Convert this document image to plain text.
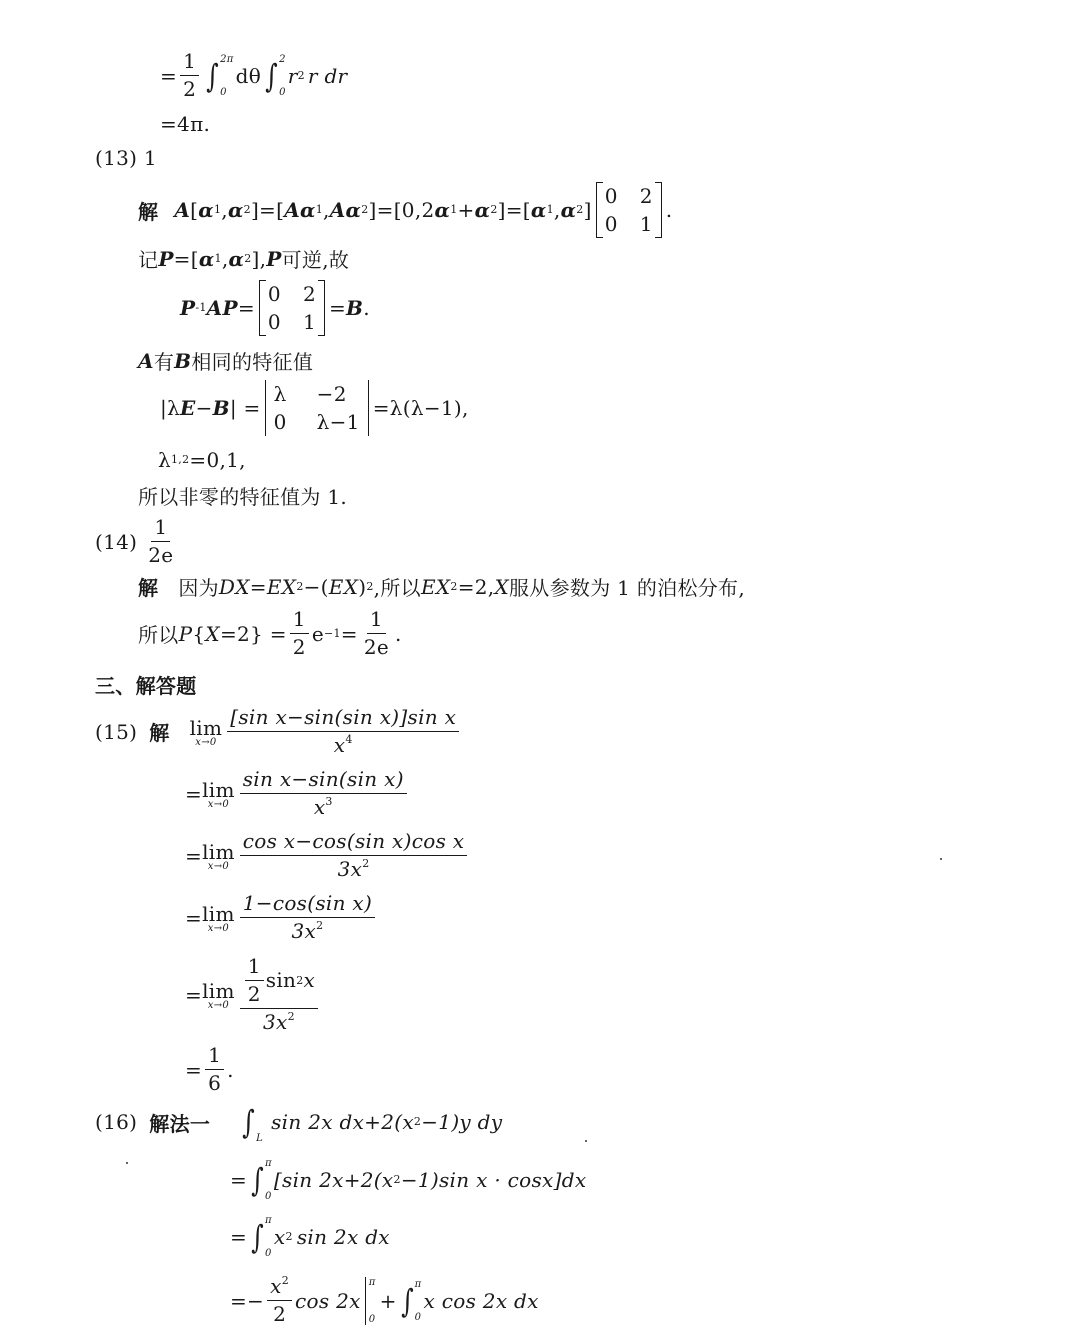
= $\frac{1}{2}$ ∫ 2π
0
dθ ∫ 2
0
r 2 r dr
=4π.
(13) 1
解 A [ α 1 , α 2 ]=[ Aα 1 , Aα 2 ]=[0,2 α 1 + α 2 ]=[ α 1 , α 2 ]
0 2
0 1
.
记 P =[ α 1 , α 2 ], P 可逆,故
P -1 AP =
0 2
0 1
= B .
A 有 B 相同的特征值
|λ E − B | =
λ −2
0 λ−1
=λ(λ−1),
λ 1,2 =0,1,
所以非零的特征值为 1.
$(14) \frac{1}{2e}$
解 因为 DX = EX 2 −( EX ) 2 ,所以 EX 2 =2, X 服从参数为 1 的泊松分布,
所以 P { $X =2\} = \frac{1}{2}$ $e -1 = \frac{1}{2e}$ .
三、解答题
(15) 解 lim
$x\to 0 \frac{\text{[sin x−sin(sin x)]sin x}}{x^4}$
= lim
$x\to 0 \frac{\text{sin x−sin(sin x)}}{x^3}$
= lim
$x\to 0 \frac{\text{cos x−cos(sin x)cos x}}{3x^2}$
= lim
$x\to 0 \frac{\text{1−cos(sin x)}}{3x^2}$
= lim
$x\to 0 \frac{\frac{1}{2} \sin 2 x}{3x^2}$
= $\frac{1}{6}$ .
(16) 解法一 ∫ L
sin 2x dx+2(x 2 −1)y dy
= ∫ π
0
[sin 2x+2(x 2 −1)sin x · cosx]dx
= ∫ π
0
x 2 sin 2x dx
=− $\frac{x^2}{2}$ cos 2x
π
0
+ ∫ π
0
x cos 2x dx
